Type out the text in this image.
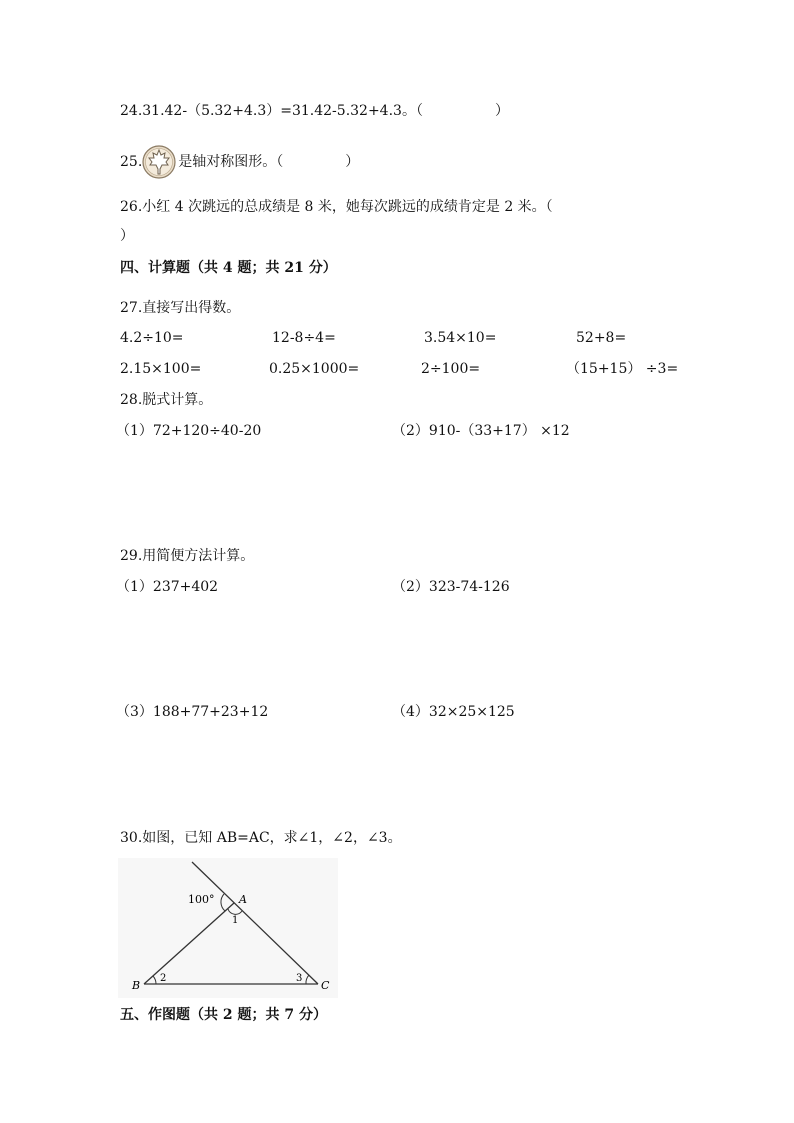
24.31.42-（5.32+4.3）=31.42-5.32+4.3。（	）
25.	是轴对称图形。（	）
26.小红 4 次跳远的总成绩是 8 米，她每次跳远的成绩肯定是 2 米。（
）
四、计算题（共 4 题；共 21 分）
27.直接写出得数。
4.2÷10=	12-8÷4=	3.54×10=	52+8=
2.15×100=	0.25×1000=	2÷100=	（15+15） ÷3=
28.脱式计算。
（1）72+120÷40-20	（2）910-（33+17） ×12
29.用简便方法计算。
（1）237+402	（2）323-74-126
（3）188+77+23+12	（4）32×25×125
30.如图，已知 AB=AC，求∠1，∠2，∠3。
100° A
1
B
2	3
C
五、作图题（共 2 题；共 7 分）
